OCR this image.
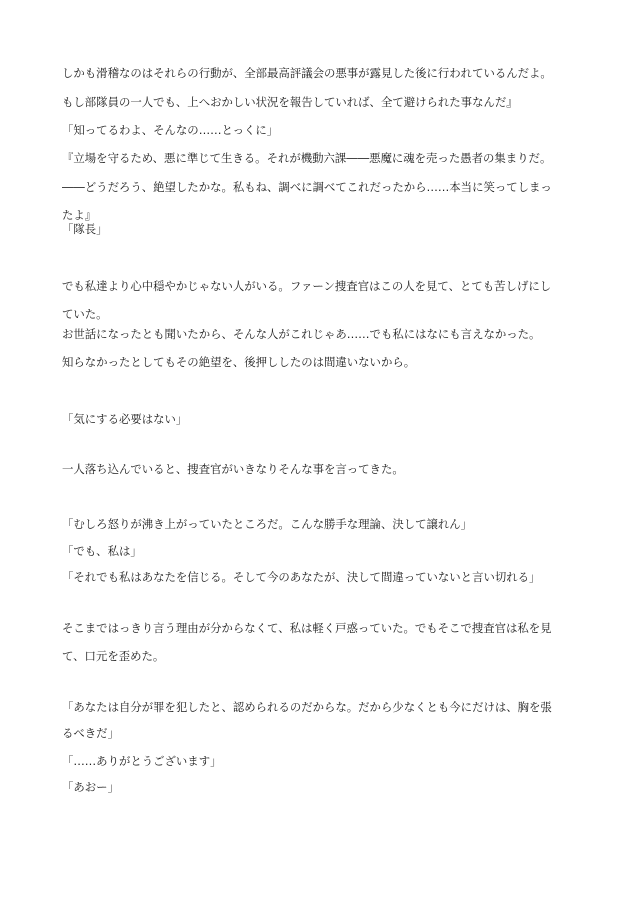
しかも滑稽なのはそれらの行動が、全部最高評議会の悪事が露見した後に行われているんだよ。
もし部隊員の一人でも、上へおかしい状況を報告していれば、全て避けられた事なんだ』
「知ってるわよ、そんなの……とっくに」
『立場を守るため、悪に準じて生きる。それが機動六課――悪魔に魂を売った愚者の集まりだ。
――どうだろう、絶望したかな。私もね、調べに調べてこれだったから……本当に笑ってしまっ
たよ』
「隊長」
でも私達より心中穏やかじゃない人がいる。ファーン捜査官はこの人を見て、とても苦しげにし
ていた。
お世話になったとも聞いたから、そんな人がこれじゃあ……でも私にはなにも言えなかった。
知らなかったとしてもその絶望を、後押ししたのは間違いないから。
「気にする必要はない」
一人落ち込んでいると、捜査官がいきなりそんな事を言ってきた。
「むしろ怒りが沸き上がっていたところだ。こんな勝手な理論、決して譲れん」
「でも、私は」
「それでも私はあなたを信じる。そして今のあなたが、決して間違っていないと言い切れる」
そこまではっきり言う理由が分からなくて、私は軽く戸惑っていた。でもそこで捜査官は私を見
て、口元を歪めた。
「あなたは自分が罪を犯したと、認められるのだからな。だから少なくとも今にだけは、胸を張
るべきだ」
「……ありがとうございます」
「あおー」
